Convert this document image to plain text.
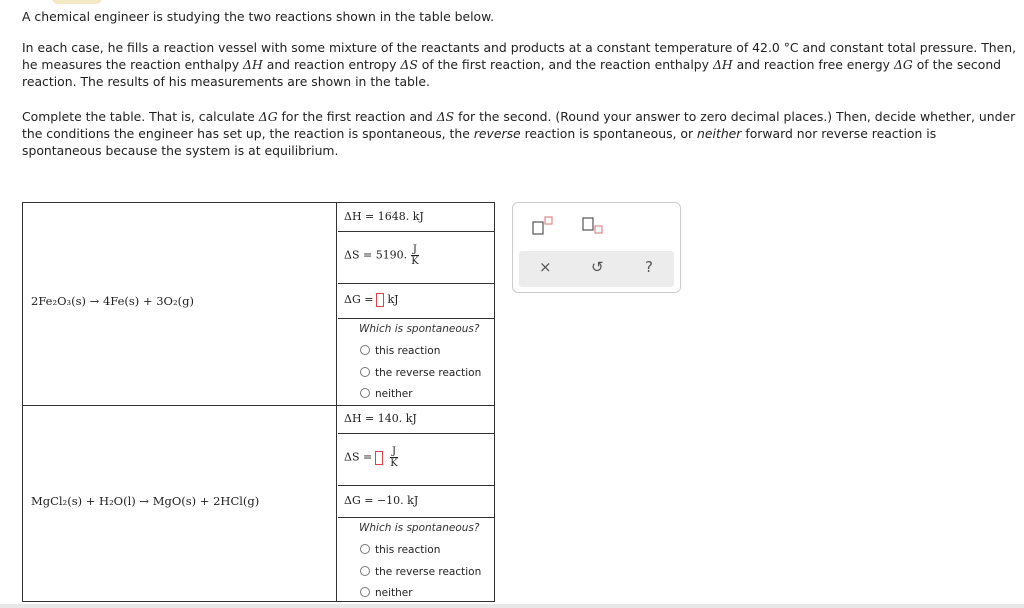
A chemical engineer is studying the two reactions shown in the table below.

In each case, he fills a reaction vessel with some mixture of the reactants and products at a constant temperature of 42.0 °C and constant total pressure. Then, he measures the reaction enthalpy ΔH and reaction entropy ΔS of the first reaction, and the reaction enthalpy ΔH and reaction free energy ΔG of the second reaction. The results of his measurements are shown in the table.

Complete the table. That is, calculate ΔG for the first reaction and ΔS for the second. (Round your answer to zero decimal places.) Then, decide whether, under the conditions the engineer has set up, the reaction is spontaneous, the reverse reaction is spontaneous, or neither forward nor reverse reaction is spontaneous because the system is at equilibrium.

2Fe₂O₃(s) → 4Fe(s) + 3O₂(g)
ΔH = 1648. kJ
ΔS = 5190. $\frac{J}{K}$
ΔG = kJ
Which is spontaneous?
this reaction
the reverse reaction
neither
MgCl₂(s) + H₂O(l) → MgO(s) + 2HCl(g)
ΔH = 140. kJ
$\Delta S = \frac{J}{K}$
ΔG = −10. kJ
Which is spontaneous?
this reaction
the reverse reaction
neither
×	↺	?
